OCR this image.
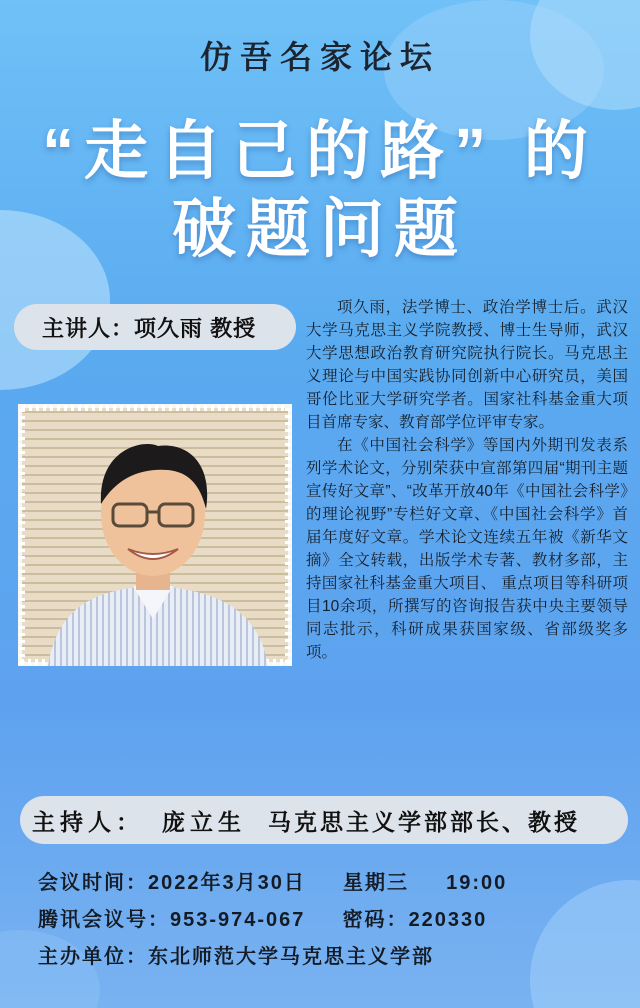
仿吾名家论坛
“走自己的路” 的
破题问题
主讲人：项久雨 教授

项久雨，法学博士、政治学博士后。武汉大学马克思主义学院教授、博士生导师，武汉大学思想政治教育研究院执行院长。马克思主义理论与中国实践协同创新中心研究员，美国哥伦比亚大学研究学者。国家社科基金重大项目首席专家、教育部学位评审专家。

在《中国社会科学》等国内外期刊发表系列学术论文，分别荣获中宣部第四届“期刊主题宣传好文章”、“改革开放40年《中国社会科学》的理论视野”专栏好文章、《中国社会科学》首届年度好文章。学术论文连续五年被《新华文摘》全文转载，出版学术专著、教材多部，主持国家社科基金重大项目、 重点项目等科研项目10余项，所撰写的咨询报告获中央主要领导同志批示，科研成果获国家级、省部级奖多项。

主持人： 庞立生 马克思主义学部部长、教授
会议时间：2022年3月30日 星期三 19:00
腾讯会议号：953-974-067 密码：220330
主办单位：东北师范大学马克思主义学部
